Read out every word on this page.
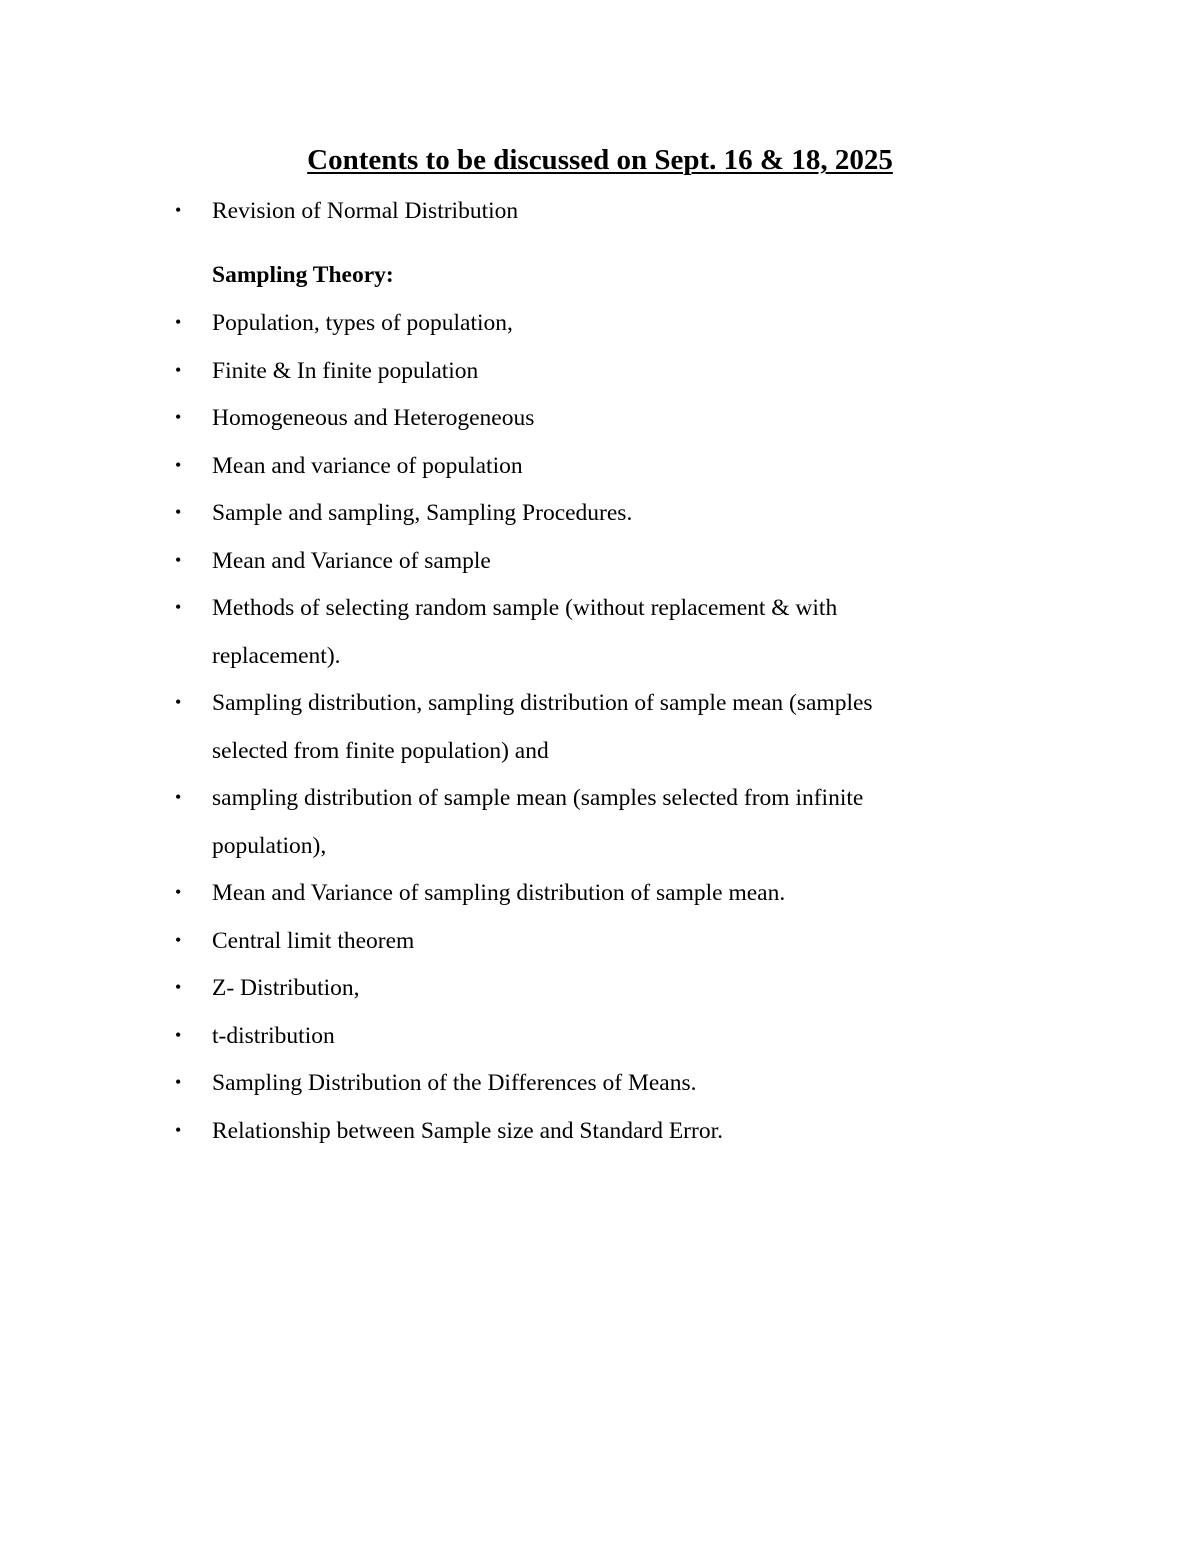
Contents to be discussed on Sept. 16 & 18, 2025
• Revision of Normal Distribution
Sampling Theory:
• Population, types of population,
• Finite & In finite population
• Homogeneous and Heterogeneous
• Mean and variance of population
• Sample and sampling, Sampling Procedures.
• Mean and Variance of sample
• Methods of selecting random sample (without replacement & with
replacement).
• Sampling distribution, sampling distribution of sample mean (samples
selected from finite population) and
• sampling distribution of sample mean (samples selected from infinite
population),
• Mean and Variance of sampling distribution of sample mean.
• Central limit theorem
• Z- Distribution,
• t-distribution
• Sampling Distribution of the Differences of Means.
• Relationship between Sample size and Standard Error.
